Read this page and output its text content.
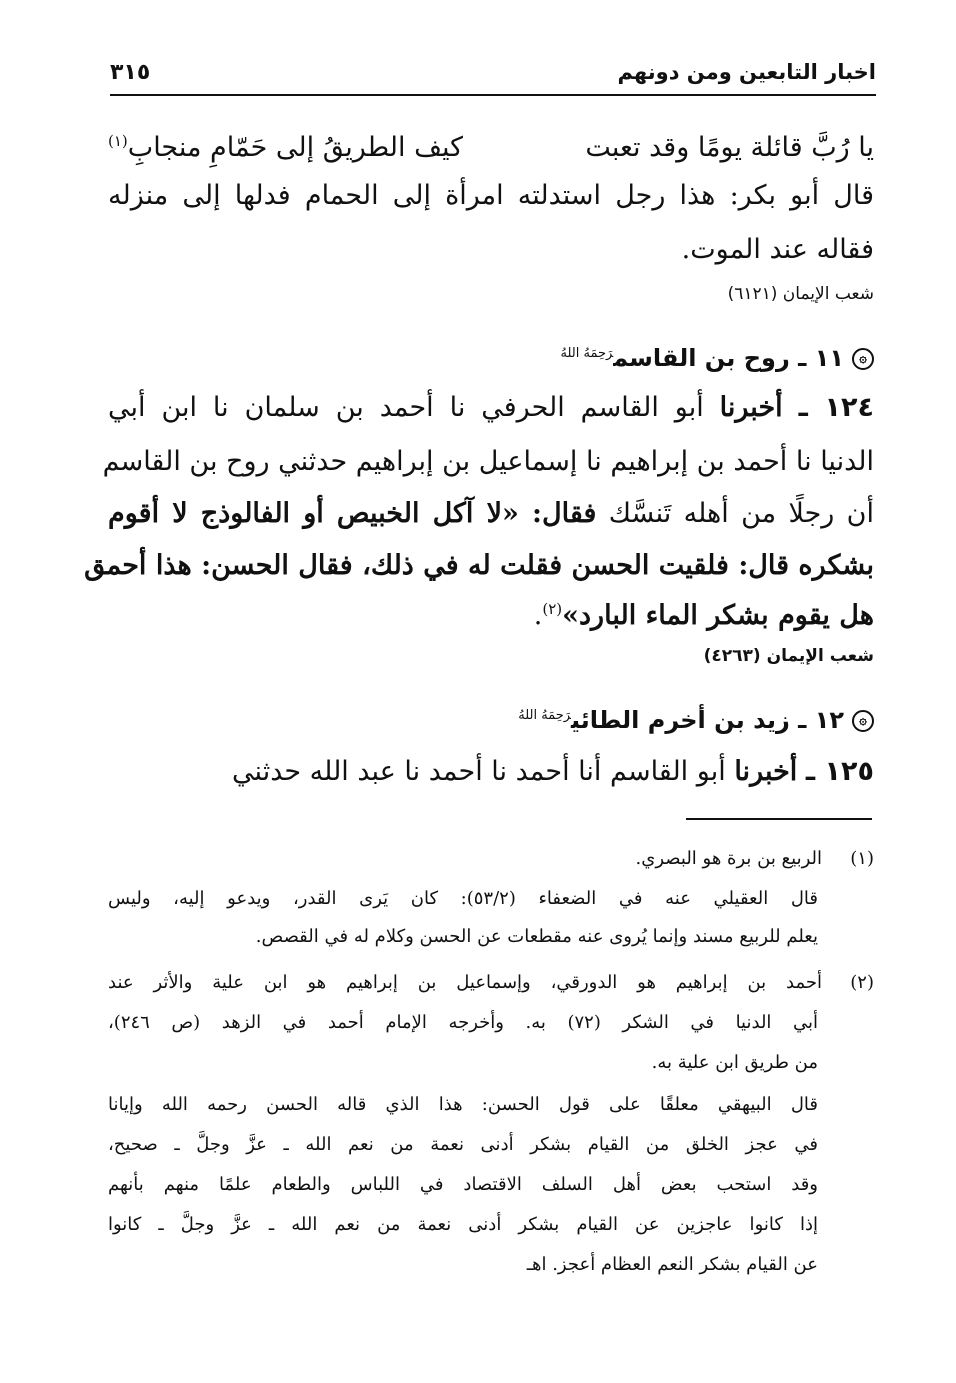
اخبار التابعين ومن دونهم
٣١٥
يا رُبَّ قائلة يومًا وقد تعبت
كيف الطريقُ إلى حَمّامِ منجابِ$^{(١)}$
قال أبو بكر: هذا رجل استدلته امرأة إلى الحمام فدلها إلى منزله
فقاله عند الموت.
شعب الإيمان (٦١٢١)
۞١١ ـ روح بن القاسم$^{رَحِمَهُ اللهُ}$
١٢٤ ـ أخبرنا أبو القاسم الحرفي نا أحمد بن سلمان نا ابن أبي
الدنيا نا أحمد بن إبراهيم نا إسماعيل بن إبراهيم حدثني روح بن القاسم
أن رجلًا من أهله تَنسَّك فقال: «لا آكل الخبيص أو الفالوذج لا أقوم
بشكره قال: فلقيت الحسن فقلت له في ذلك، فقال الحسن: هذا أحمق
هل يقوم بشكر الماء البارد»$^{(٢)}$.
شعب الإيمان (٤٢٦٣)
۞١٢ ـ زيد بن أخرم الطائي$^{رَحِمَهُ اللهُ}$
١٢٥ ـ أخبرنا أبو القاسم أنا أحمد نا أحمد نا عبد الله حدثني
(١)
الربيع بن برة هو البصري.
قال العقيلي عنه في الضعفاء (٥٣/٢): كان يَرى القدر، ويدعو إليه، وليس
يعلم للربيع مسند وإنما يُروى عنه مقطعات عن الحسن وكلام له في القصص.
(٢)
أحمد بن إبراهيم هو الدورقي، وإسماعيل بن إبراهيم هو ابن علية والأثر عند
أبي الدنيا في الشكر (٧٢) به. وأخرجه الإمام أحمد في الزهد (ص ٢٤٦)،
من طريق ابن علية به.
قال البيهقي معلقًا على قول الحسن: هذا الذي قاله الحسن رحمه الله وإيانا
في عجز الخلق من القيام بشكر أدنى نعمة من نعم الله ـ عزَّ وجلَّ ـ صحيح،
وقد استحب بعض أهل السلف الاقتصاد في اللباس والطعام علمًا منهم بأنهم
إذا كانوا عاجزين عن القيام بشكر أدنى نعمة من نعم الله ـ عزَّ وجلَّ ـ كانوا
عن القيام بشكر النعم العظام أعجز. اهـ
